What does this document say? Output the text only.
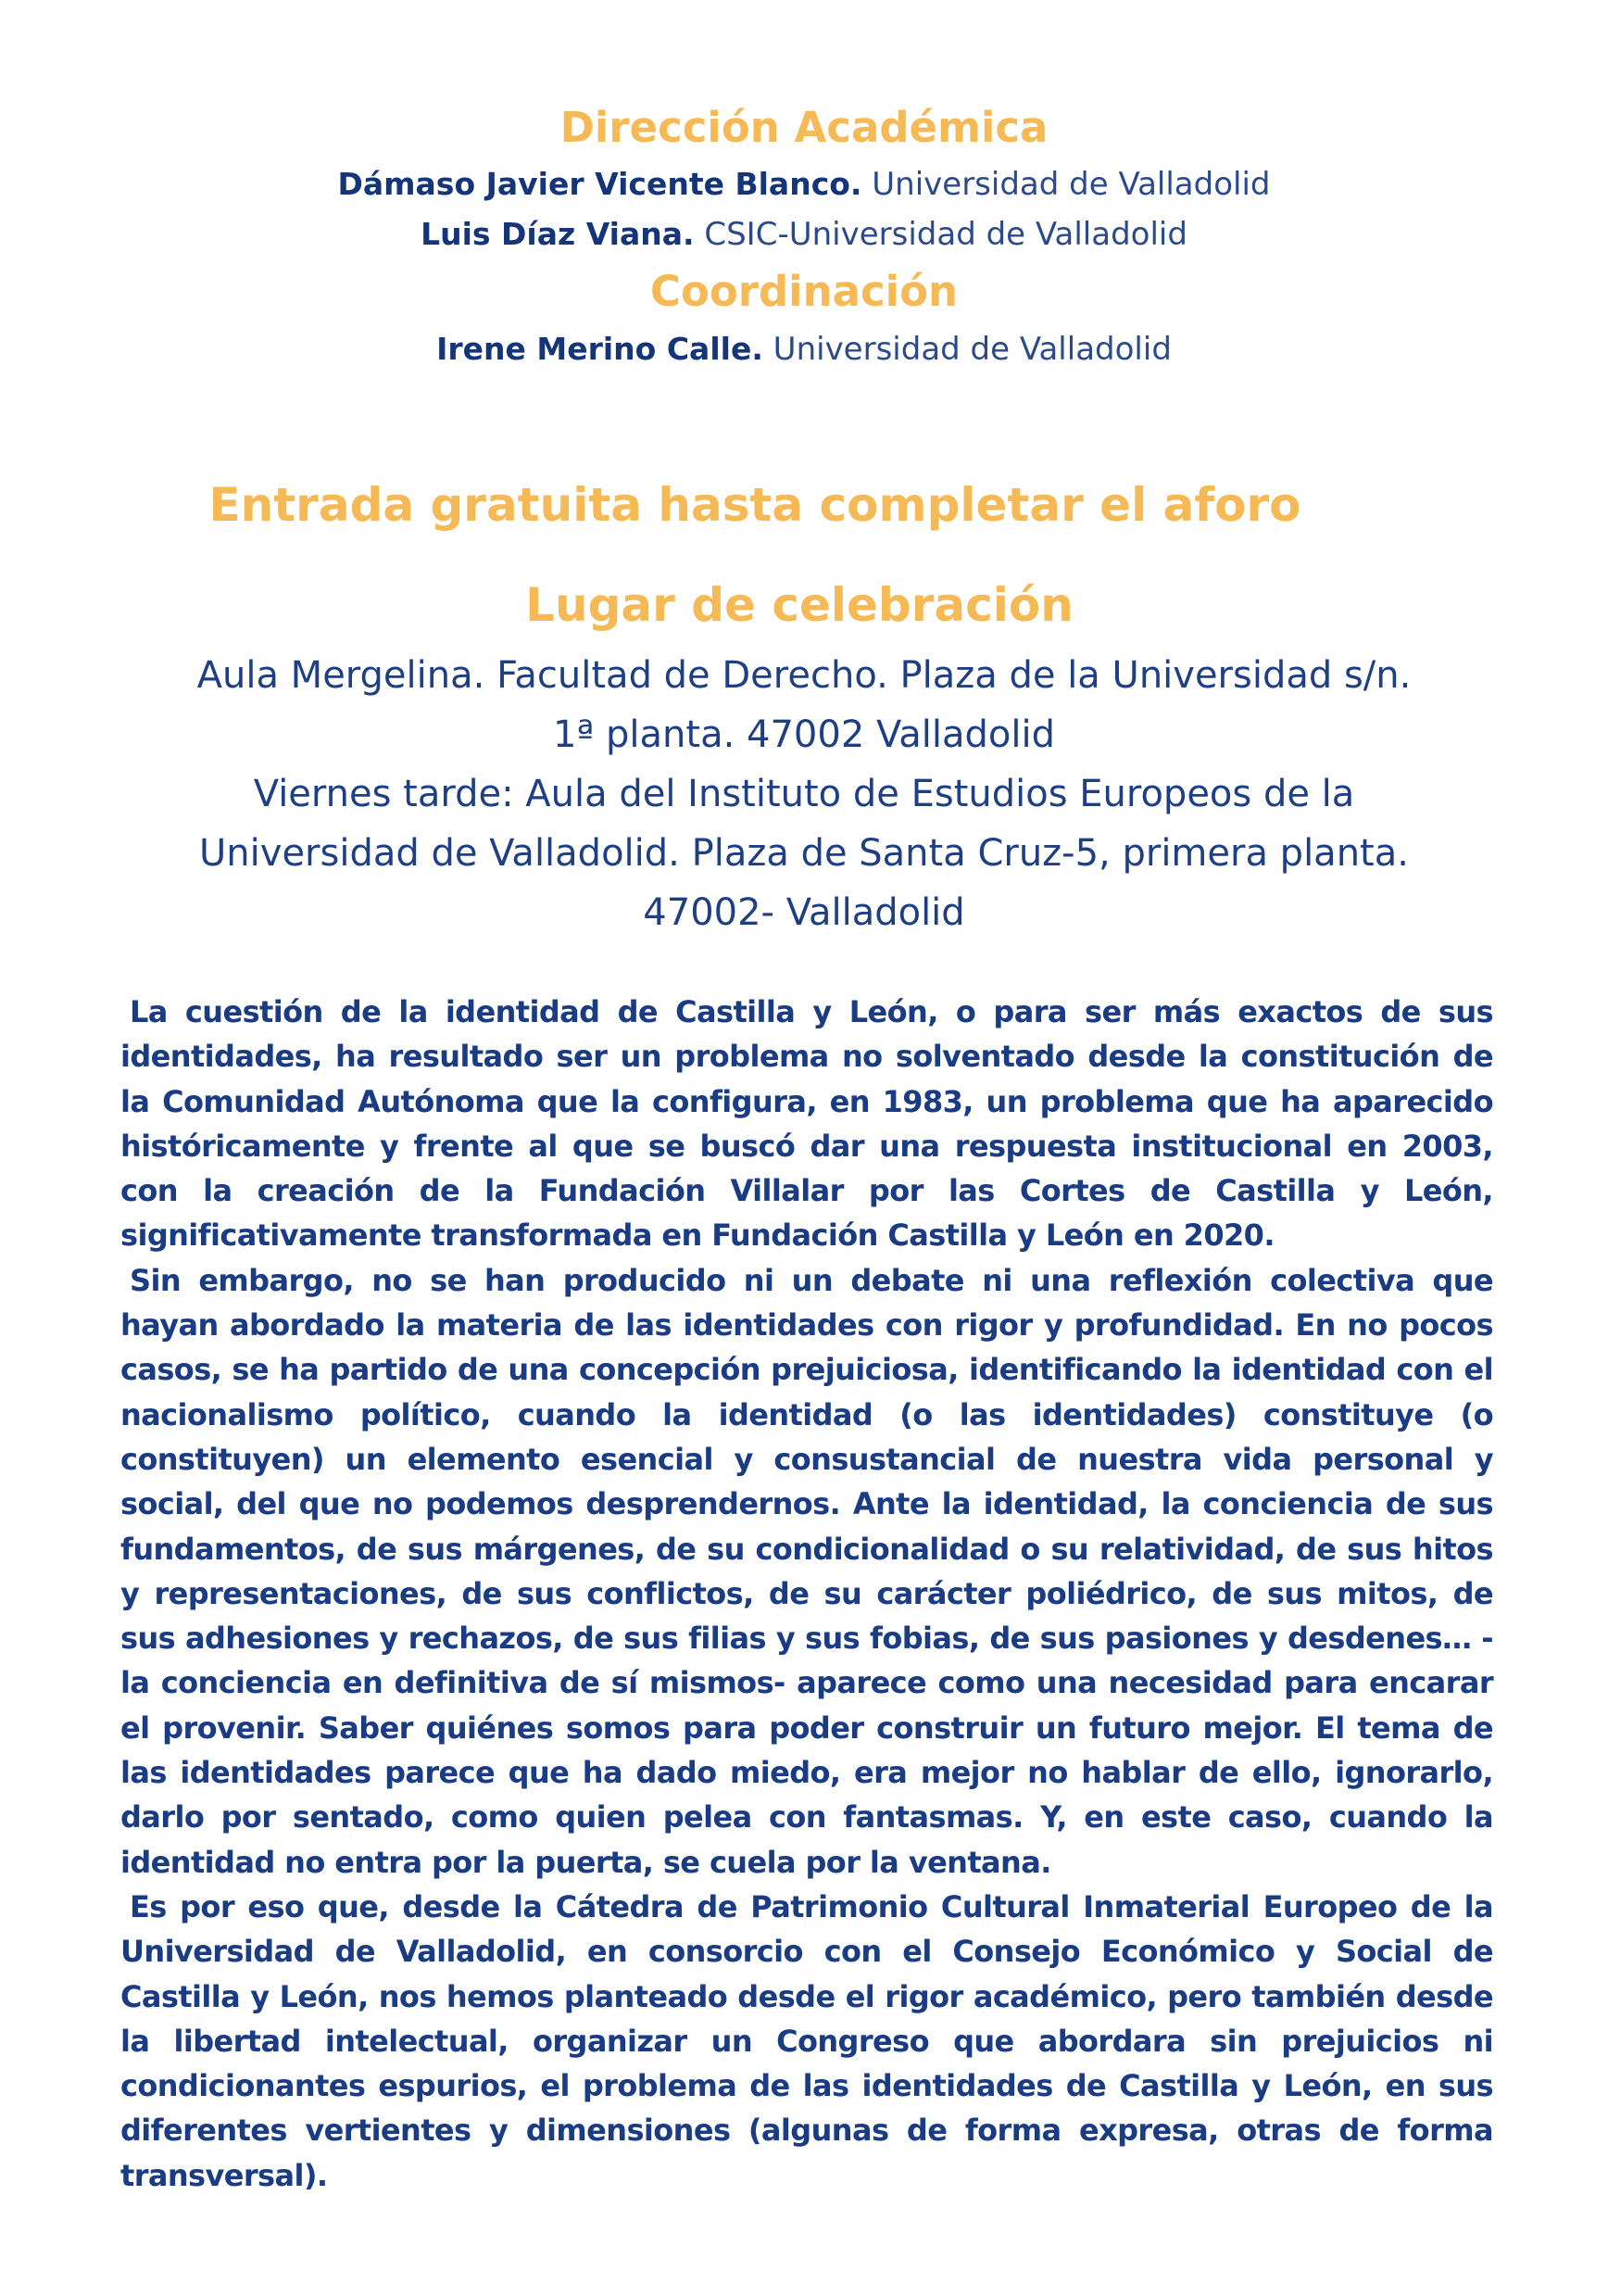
Dirección Académica
Dámaso Javier Vicente Blanco. Universidad de Valladolid
Luis Díaz Viana. CSIC-Universidad de Valladolid
Coordinación
Irene Merino Calle. Universidad de Valladolid
Entrada gratuita hasta completar el aforo
Lugar de celebración
Aula Mergelina. Facultad de Derecho. Plaza de la Universidad s/n.
1ª planta. 47002 Valladolid
Viernes tarde: Aula del Instituto de Estudios Europeos de la
Universidad de Valladolid. Plaza de Santa Cruz-5, primera planta.
47002- Valladolid

La cuestión de la identidad de Castilla y León, o para ser más exactos de sus identidades, ha resultado ser un problema no solventado desde la constitución de la Comunidad Autónoma que la configura, en 1983, un problema que ha aparecido históricamente y frente al que se buscó dar una respuesta institucional en 2003, con la creación de la Fundación Villalar por las Cortes de Castilla y León, significativamente transformada en Fundación Castilla y León en 2020.

Sin embargo, no se han producido ni un debate ni una reflexión colectiva que hayan abordado la materia de las identidades con rigor y profundidad. En no pocos casos, se ha partido de una concepción prejuiciosa, identificando la identidad con el nacionalismo político, cuando la identidad (o las identidades) constituye (o constituyen) un elemento esencial y consustancial de nuestra vida personal y social, del que no podemos desprendernos. Ante la identidad, la conciencia de sus fundamentos, de sus márgenes, de su condicionalidad o su relatividad, de sus hitos y representaciones, de sus conflictos, de su carácter poliédrico, de sus mitos, de sus adhesiones y rechazos, de sus filias y sus fobias, de sus pasiones y desdenes… -la conciencia en definitiva de sí mismos- aparece como una necesidad para encarar el provenir. Saber quiénes somos para poder construir un futuro mejor. El tema de las identidades parece que ha dado miedo, era mejor no hablar de ello, ignorarlo, darlo por sentado, como quien pelea con fantasmas. Y, en este caso, cuando la identidad no entra por la puerta, se cuela por la ventana.

Es por eso que, desde la Cátedra de Patrimonio Cultural Inmaterial Europeo de la Universidad de Valladolid, en consorcio con el Consejo Económico y Social de Castilla y León, nos hemos planteado desde el rigor académico, pero también desde la libertad intelectual, organizar un Congreso que abordara sin prejuicios ni condicionantes espurios, el problema de las identidades de Castilla y León, en sus diferentes vertientes y dimensiones (algunas de forma expresa, otras de forma transversal).
